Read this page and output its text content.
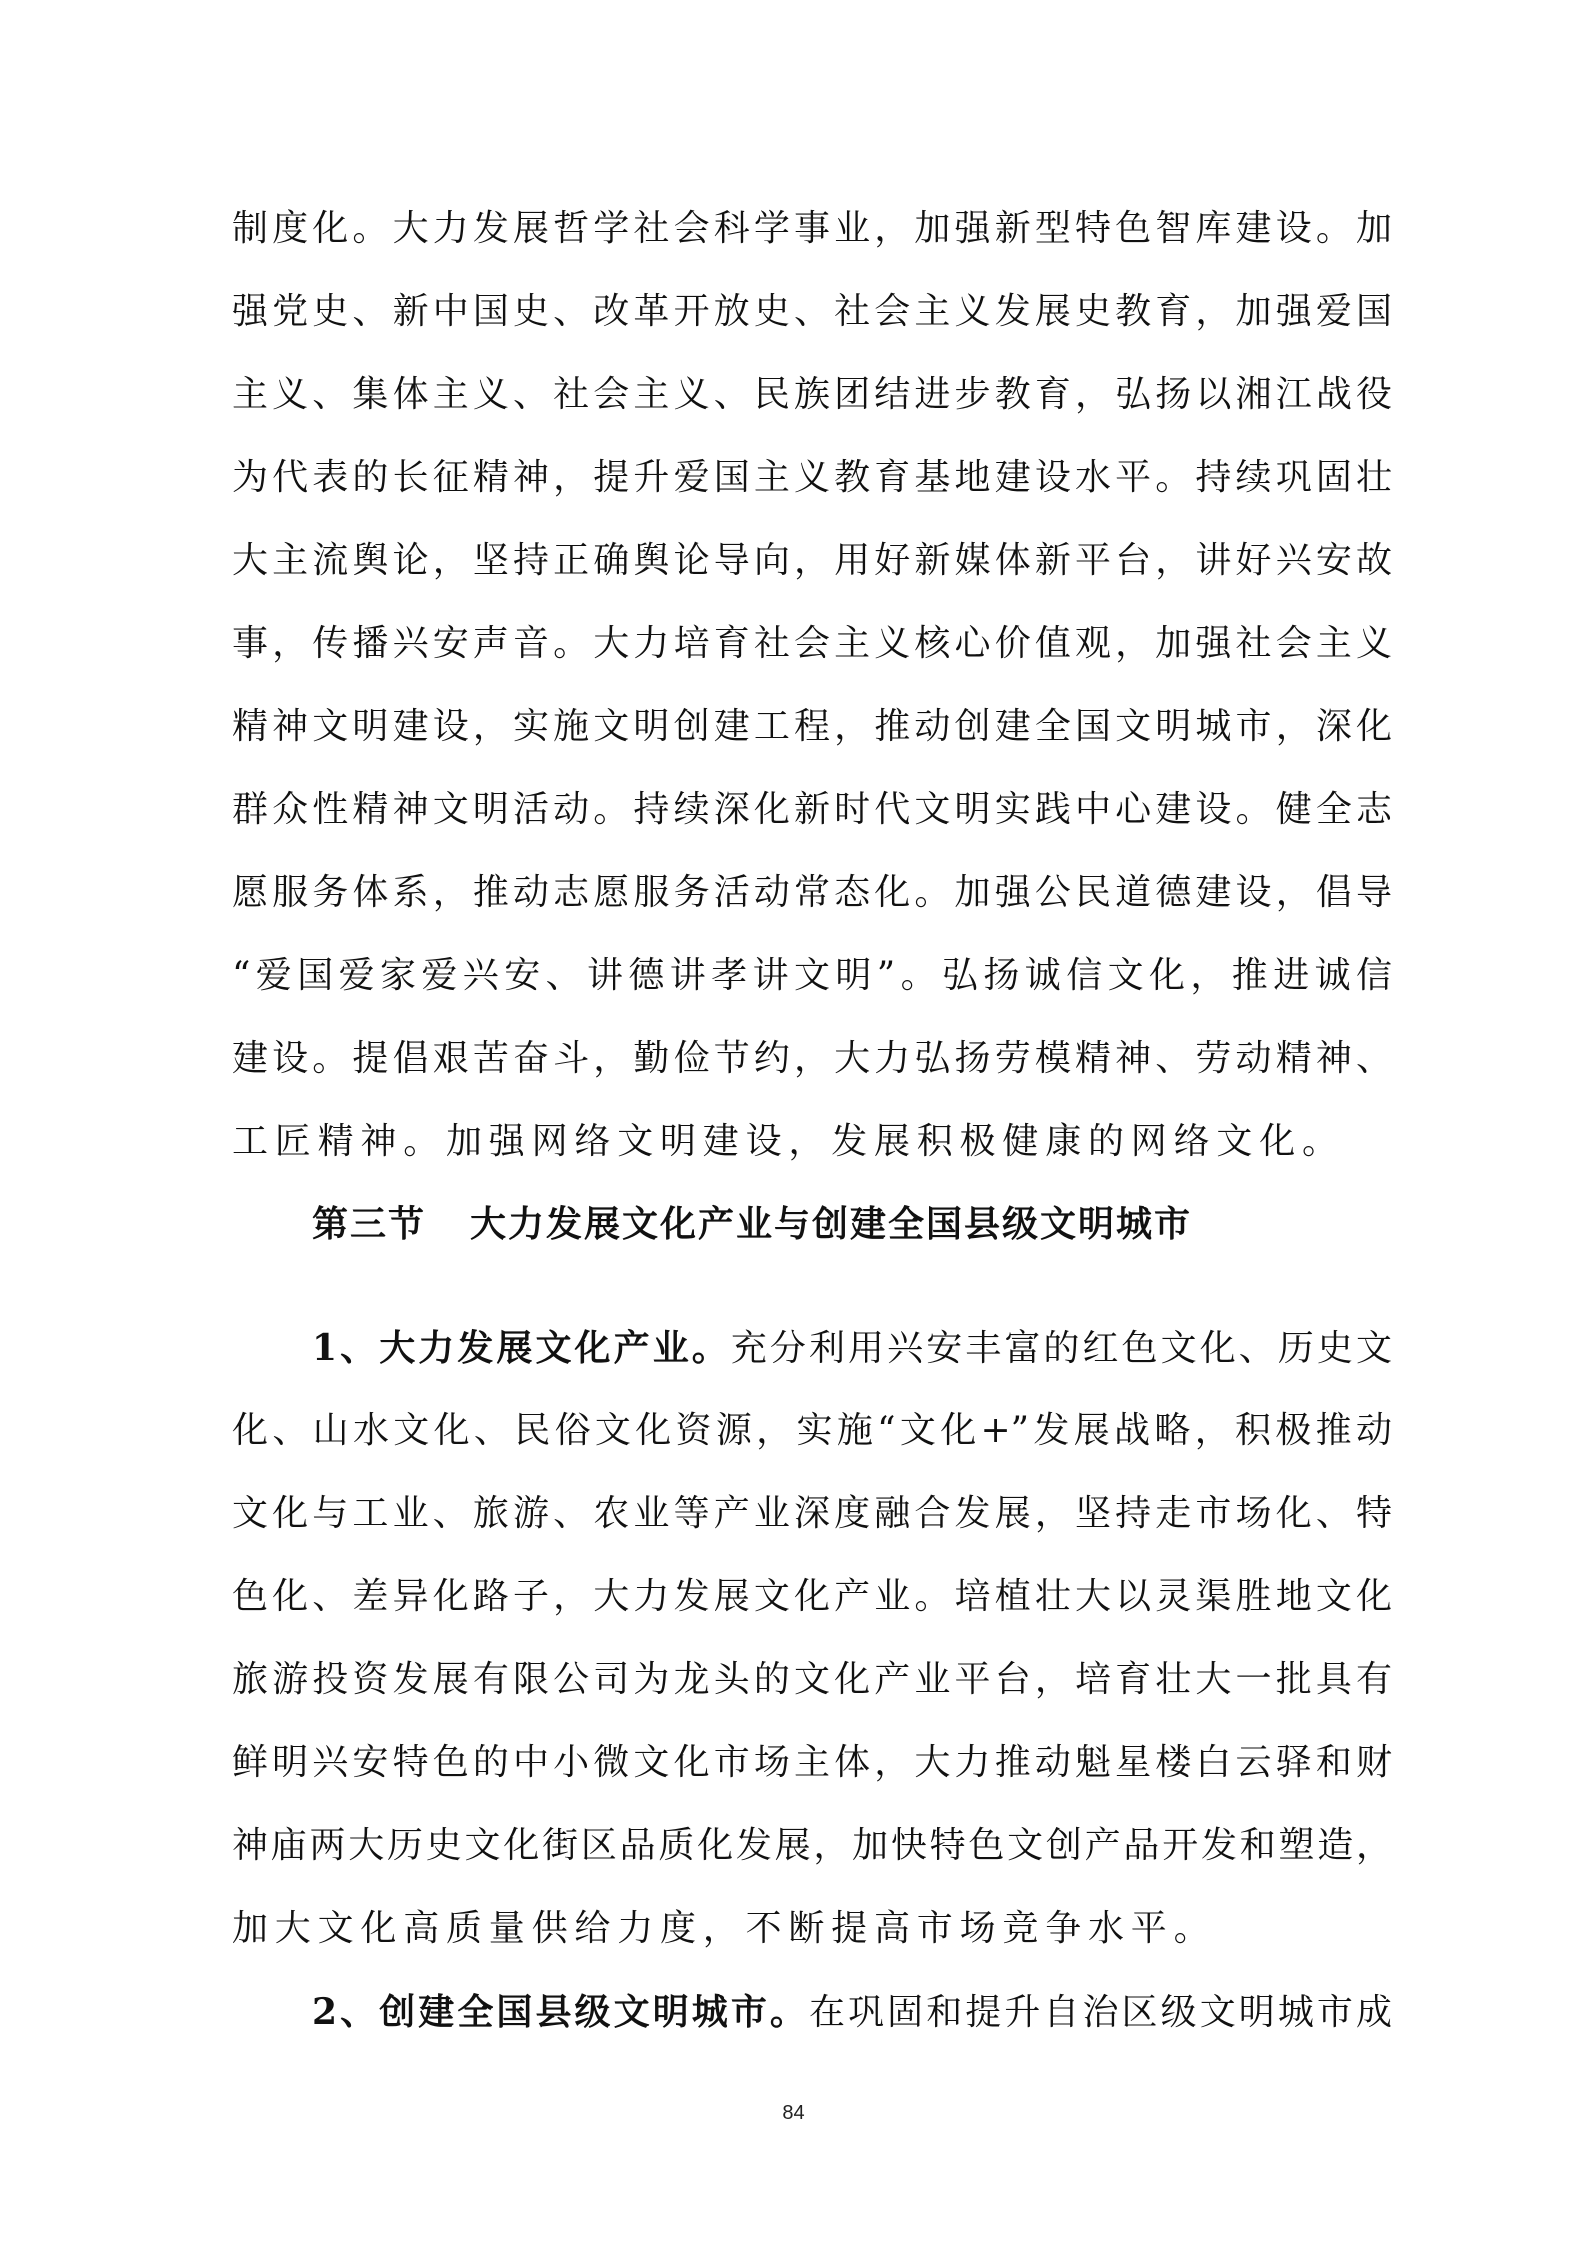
制度化。大力发展哲学社会科学事业，加强新型特色智库建设。加
强党史、新中国史、改革开放史、社会主义发展史教育，加强爱国
主义、集体主义、社会主义、民族团结进步教育，弘扬以湘江战役
为代表的长征精神，提升爱国主义教育基地建设水平。持续巩固壮
大主流舆论，坚持正确舆论导向，用好新媒体新平台，讲好兴安故
事，传播兴安声音。大力培育社会主义核心价值观，加强社会主义
精神文明建设，实施文明创建工程，推动创建全国文明城市，深化
群众性精神文明活动。持续深化新时代文明实践中心建设。健全志
愿服务体系，推动志愿服务活动常态化。加强公民道德建设，倡导
“爱国爱家爱兴安、讲德讲孝讲文明”。弘扬诚信文化，推进诚信
建设。提倡艰苦奋斗，勤俭节约，大力弘扬劳模精神、劳动精神、
工匠精神。加强网络文明建设，发展积极健康的网络文化。
第三节 大力发展文化产业与创建全国县级文明城市
1、大力发展文化产业。充分利用兴安丰富的红色文化、历史文
化、山水文化、民俗文化资源，实施“文化+”发展战略，积极推动
文化与工业、旅游、农业等产业深度融合发展，坚持走市场化、特
色化、差异化路子，大力发展文化产业。培植壮大以灵渠胜地文化
旅游投资发展有限公司为龙头的文化产业平台，培育壮大一批具有
鲜明兴安特色的中小微文化市场主体，大力推动魁星楼白云驿和财
神庙两大历史文化街区品质化发展，加快特色文创产品开发和塑造，
加大文化高质量供给力度，不断提高市场竞争水平。
2、创建全国县级文明城市。在巩固和提升自治区级文明城市成
84
